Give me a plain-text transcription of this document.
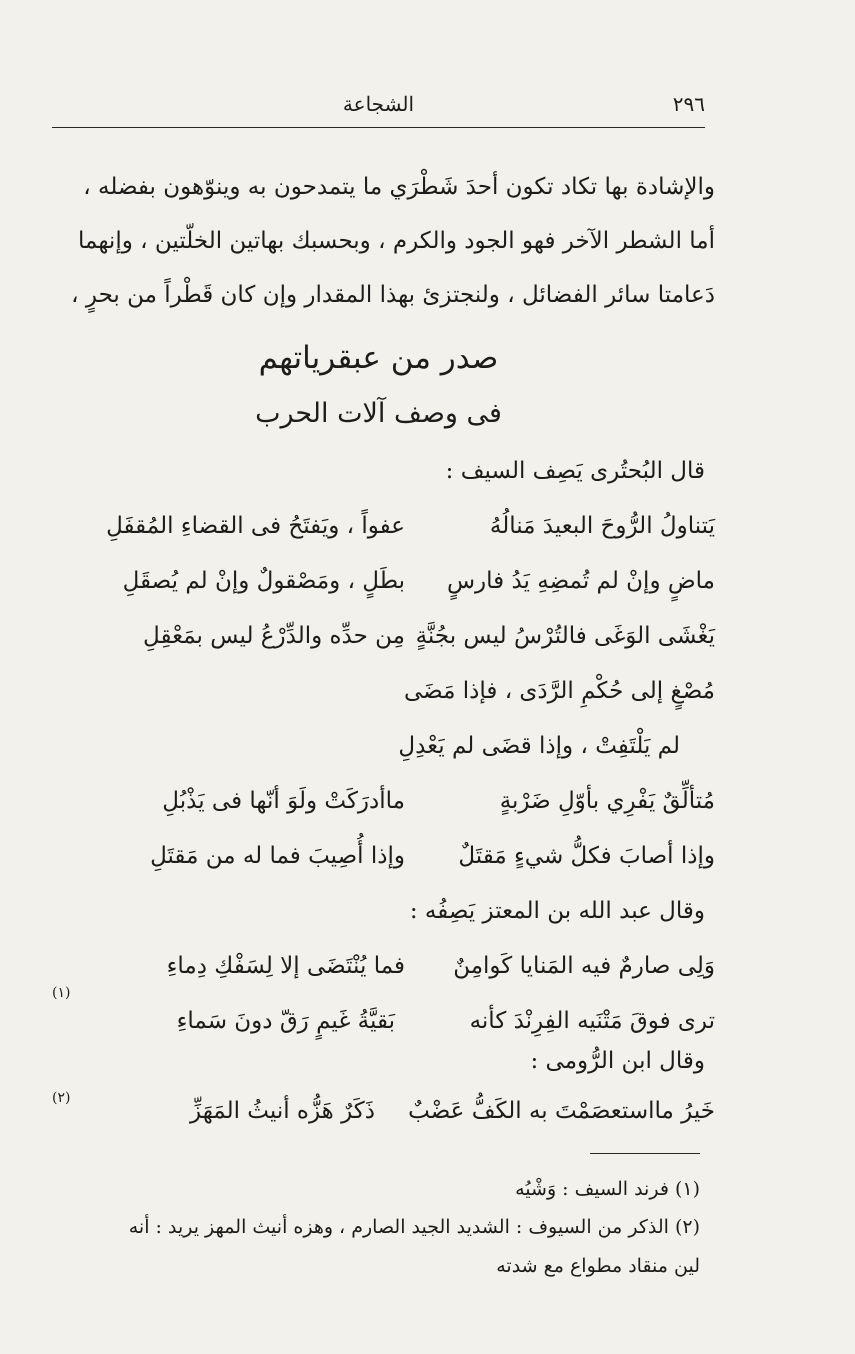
٢٩٦
الشجاعة
والإشادة بها تكاد تكون أحدَ شَطْرَي ما يتمدحون به وينوّهون بفضله ،
أما الشطر الآخر فهو الجود والكرم ، وبحسبك بهاتين الخلّتين ، وإنهما
دَعامتا سائر الفضائل ، ولنجتزئ بهذا المقدار وإن كان قَطْراً من بحرٍ ،
صدر من عبقرياتهم
فى وصف آلات الحرب
قال البُحتُرى يَصِف السيف :
يَتناولُ الرُّوحَ البعيدَ مَنالُهُ
عفواً ، ويَفتَحُ فى القضاءِ المُقفَلِ
ماضٍ وإنْ لم تُمضِهِ يَدُ فارسٍ
بطَلٍ ، ومَصْقولٌ وإنْ لم يُصقَلِ
يَغْشَى الوَغَى فالتُرْسُ ليس بجُنَّةٍ
مِن حدِّه والدِّرْعُ ليس بمَعْقِلِ
مُصْغٍ إلى حُكْمِ الرَّدَى ، فإذا مَضَى
لم يَلْتَفِتْ ، وإذا قضَى لم يَعْدِلِ
مُتألِّقٌ يَفْرِي بأوّلِ ضَرْبةٍ
ماأدرَكَتْ ولَوَ أنّها فى يَذْبُلِ
وإذا أصابَ فكلُّ شيءٍ مَقتَلٌ
وإذا أُصِيبَ فما له من مَقتَلِ
وقال عبد الله بن المعتز يَصِفُه :
وَلِى صارمٌ فيه المَنايا كَوامِنٌ
فما يُنْتَضَى إلا لِسَفْكِ دِماءِ
ترى فوقَ مَتْنَيه الفِرِنْدَ كأنه
بَقيَّةُ غَيمٍ رَقّ دونَ سَماءِ
(١)
وقال ابن الرُّومى :
خَيرُ مااستعصَمْتَ به الكَفُّ عَضْبٌ
ذَكَرٌ هَزُّه أنيثُ المَهَزِّ
(٢)
(١) فرند السيف : وَشْيُه
(٢) الذكر من السيوف : الشديد الجيد الصارم ، وهزه أنيث المهز يريد : أنه
لين منقاد مطواع مع شدته
